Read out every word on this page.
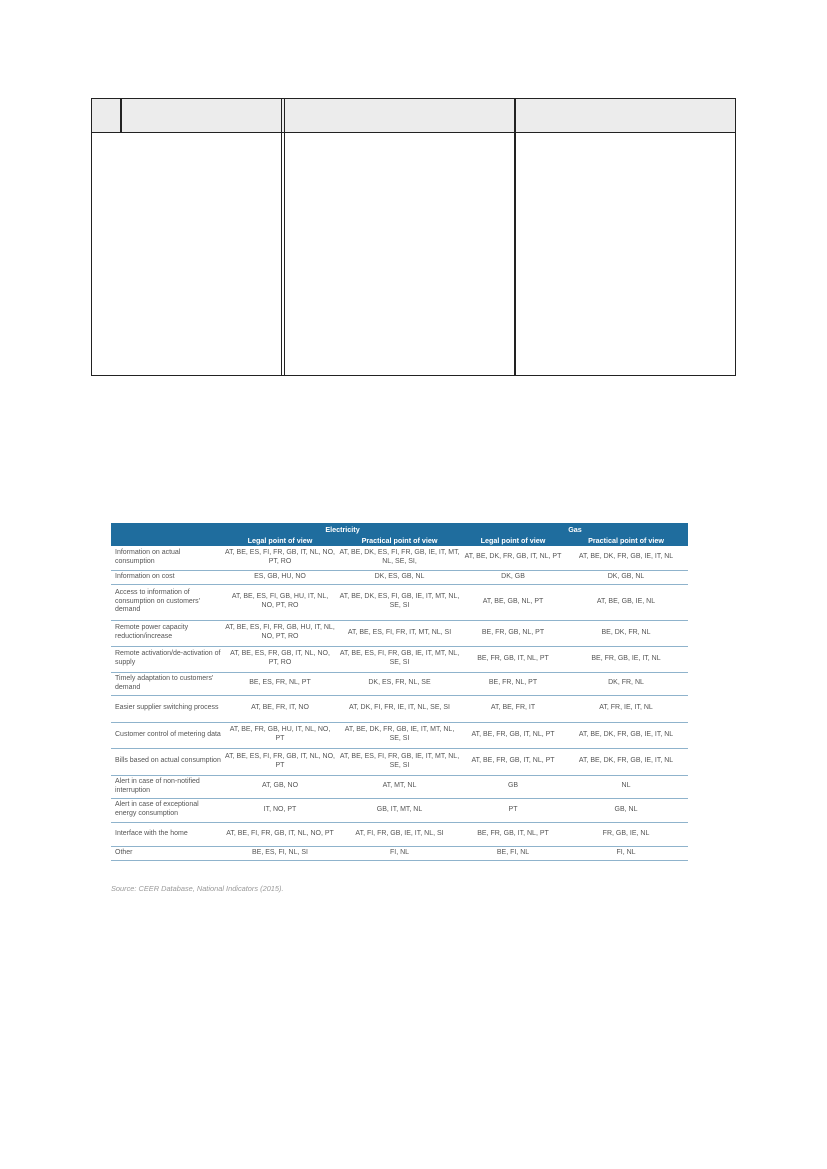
	Electricity		Gas	
	Legal point of view	Practical point of view	Legal point of view	Practical point of view
Information on actual consumption	AT, BE, ES, FI, FR, GB, IT, NL, NO, PT, RO	AT, BE, DK, ES, FI, FR, GB, IE, IT, MT, NL, SE, SI,	AT, BE, DK, FR, GB, IT, NL, PT	AT, BE, DK, FR, GB, IE, IT, NL
Information on cost	ES, GB, HU, NO	DK, ES, GB, NL	DK, GB	DK, GB, NL
Access to information of consumption on customers' demand	AT, BE, ES, FI, GB, HU, IT, NL, NO, PT, RO	AT, BE, DK, ES, FI, GB, IE, IT, MT, NL, SE, SI	AT, BE, GB, NL, PT	AT, BE, GB, IE, NL
Remote power capacity reduction/increase	AT, BE, ES, FI, FR, GB, HU, IT, NL, NO, PT, RO	AT, BE, ES, FI, FR, IT, MT, NL, SI	BE, FR, GB, NL, PT	BE, DK, FR, NL
Remote activation/de-activation of supply	AT, BE, ES, FR, GB, IT, NL, NO, PT, RO	AT, BE, ES, FI, FR, GB, IE, IT, MT, NL, SE, SI	BE, FR, GB, IT, NL, PT	BE, FR, GB, IE, IT, NL
Timely adaptation to customers' demand	BE, ES, FR, NL, PT	DK, ES, FR, NL, SE	BE, FR, NL, PT	DK, FR, NL
Easier supplier switching process	AT, BE, FR, IT, NO	AT, DK, FI, FR, IE, IT, NL, SE, SI	AT, BE, FR, IT	AT, FR, IE, IT, NL
Customer control of metering data	AT, BE, FR, GB, HU, IT, NL, NO, PT	AT, BE, DK, FR, GB, IE, IT, MT, NL, SE, SI	AT, BE, FR, GB, IT, NL, PT	AT, BE, DK, FR, GB, IE, IT, NL
Bills based on actual consumption	AT, BE, ES, FI, FR, GB, IT, NL, NO, PT	AT, BE, ES, FI, FR, GB, IE, IT, MT, NL, SE, SI	AT, BE, FR, GB, IT, NL, PT	AT, BE, DK, FR, GB, IE, IT, NL
Alert in case of non-notified interruption	AT, GB, NO	AT, MT, NL	GB	NL
Alert in case of exceptional energy consumption	IT, NO, PT	GB, IT, MT, NL	PT	GB, NL
Interface with the home	AT, BE, FI, FR, GB, IT, NL, NO, PT	AT, FI, FR, GB, IE, IT, NL, SI	BE, FR, GB, IT, NL, PT	FR, GB, IE, NL
Other	BE, ES, FI, NL, SI	FI, NL	BE, FI, NL	FI, NL
Source: CEER Database, National Indicators (2015).
